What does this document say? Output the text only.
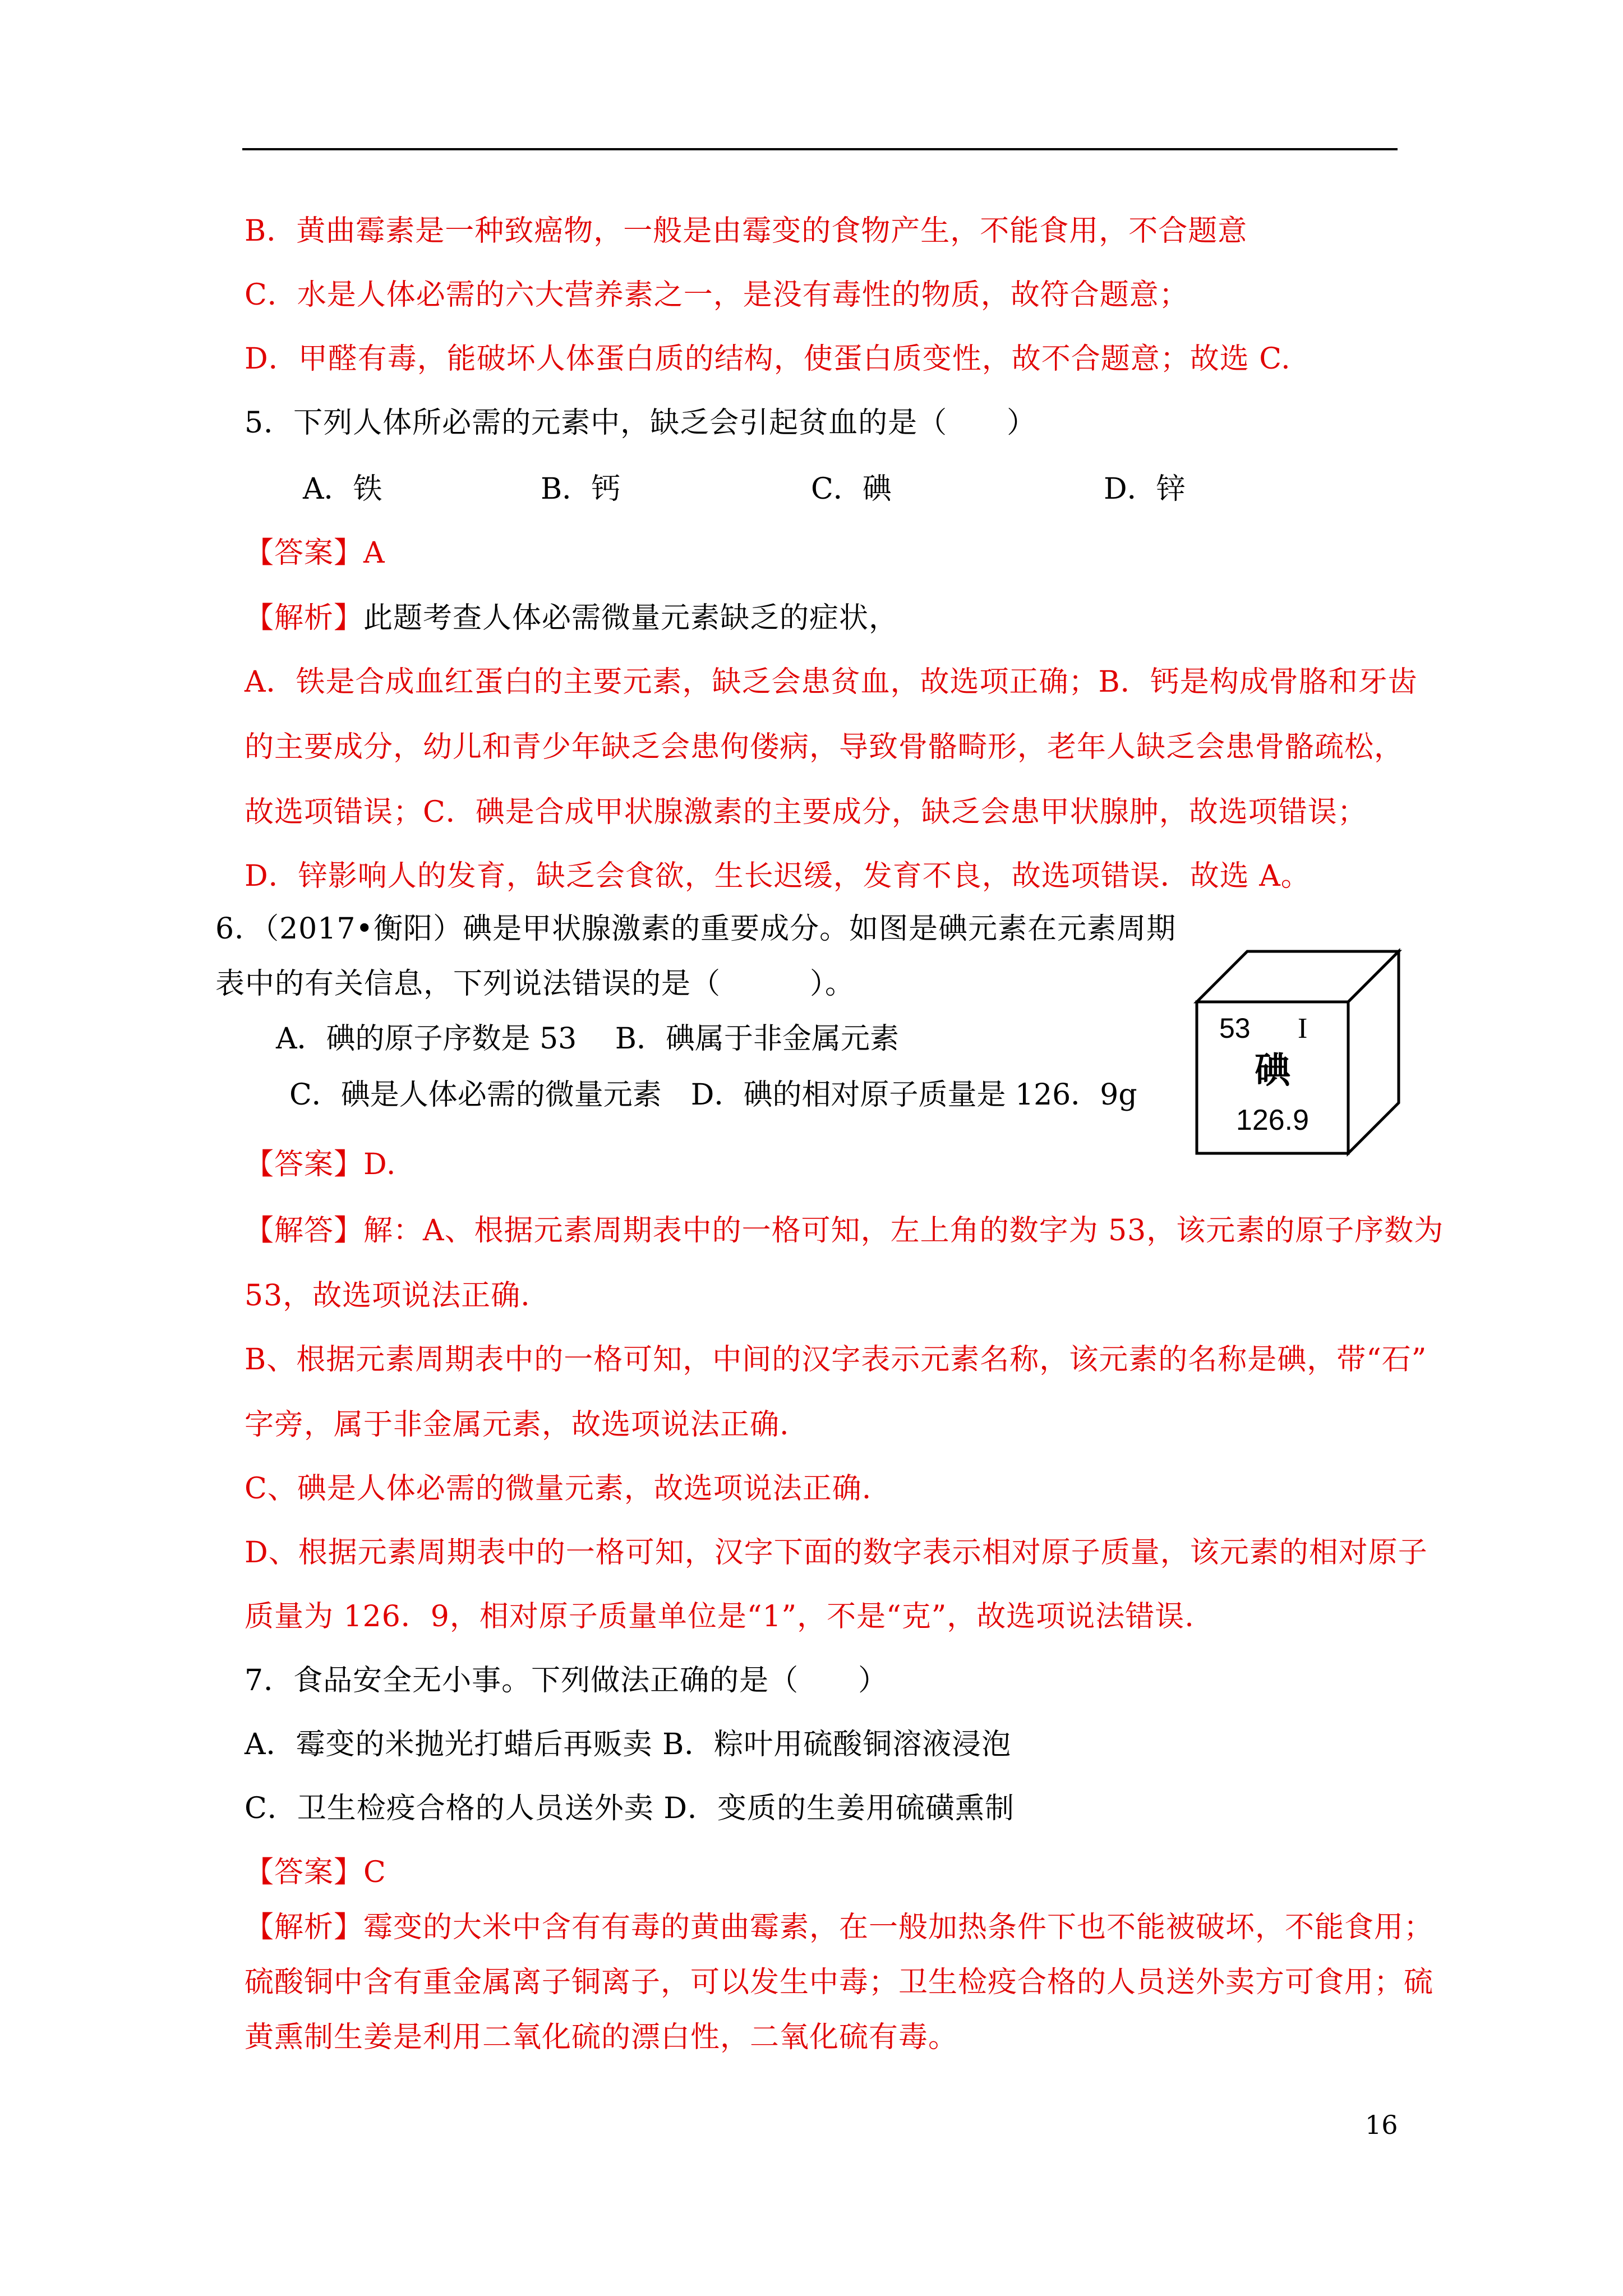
B．黄曲霉素是一种致癌物，一般是由霉变的食物产生，不能食用，不合题意
C．水是人体必需的六大营养素之一，是没有毒性的物质，故符合题意；
D．甲醛有毒，能破坏人体蛋白质的结构，使蛋白质变性，故不合题意；故选 C.
5．下列人体所必需的元素中，缺乏会引起贫血的是（　　）
A．铁	B．钙	C．碘	D．锌
【答案】A
【解析】此题考查人体必需微量元素缺乏的症状，
A．铁是合成血红蛋白的主要元素，缺乏会患贫血，故选项正确；B．钙是构成骨胳和牙齿
的主要成分，幼儿和青少年缺乏会患佝偻病，导致骨骼畸形，老年人缺乏会患骨骼疏松，
故选项错误；C．碘是合成甲状腺激素的主要成分，缺乏会患甲状腺肿，故选项错误；
D．锌影响人的发育，缺乏会食欲，生长迟缓，发育不良，故选项错误．故选 A。
6．（2017•衡阳）碘是甲状腺激素的重要成分。如图是碘元素在元素周期
表中的有关信息，下列说法错误的是（　　　）。
A．碘的原子序数是 53　 B．碘属于非金属元素
C．碘是人体必需的微量元素　D．碘的相对原子质量是 126．9g
53 I
碘
126.9
【答案】D.
【解答】解：A、根据元素周期表中的一格可知，左上角的数字为 53，该元素的原子序数为
53，故选项说法正确.
B、根据元素周期表中的一格可知，中间的汉字表示元素名称，该元素的名称是碘，带“石”
字旁，属于非金属元素，故选项说法正确.
C、碘是人体必需的微量元素，故选项说法正确.
D、根据元素周期表中的一格可知，汉字下面的数字表示相对原子质量，该元素的相对原子
质量为 126．9，相对原子质量单位是“1”，不是“克”，故选项说法错误.
7．食品安全无小事。下列做法正确的是（　　）
A．霉变的米抛光打蜡后再贩卖 B．粽叶用硫酸铜溶液浸泡
C．卫生检疫合格的人员送外卖 D．变质的生姜用硫磺熏制
【答案】C
【解析】霉变的大米中含有有毒的黄曲霉素，在一般加热条件下也不能被破坏，不能食用；
硫酸铜中含有重金属离子铜离子，可以发生中毒；卫生检疫合格的人员送外卖方可食用；硫
黄熏制生姜是利用二氧化硫的漂白性，二氧化硫有毒。
16
